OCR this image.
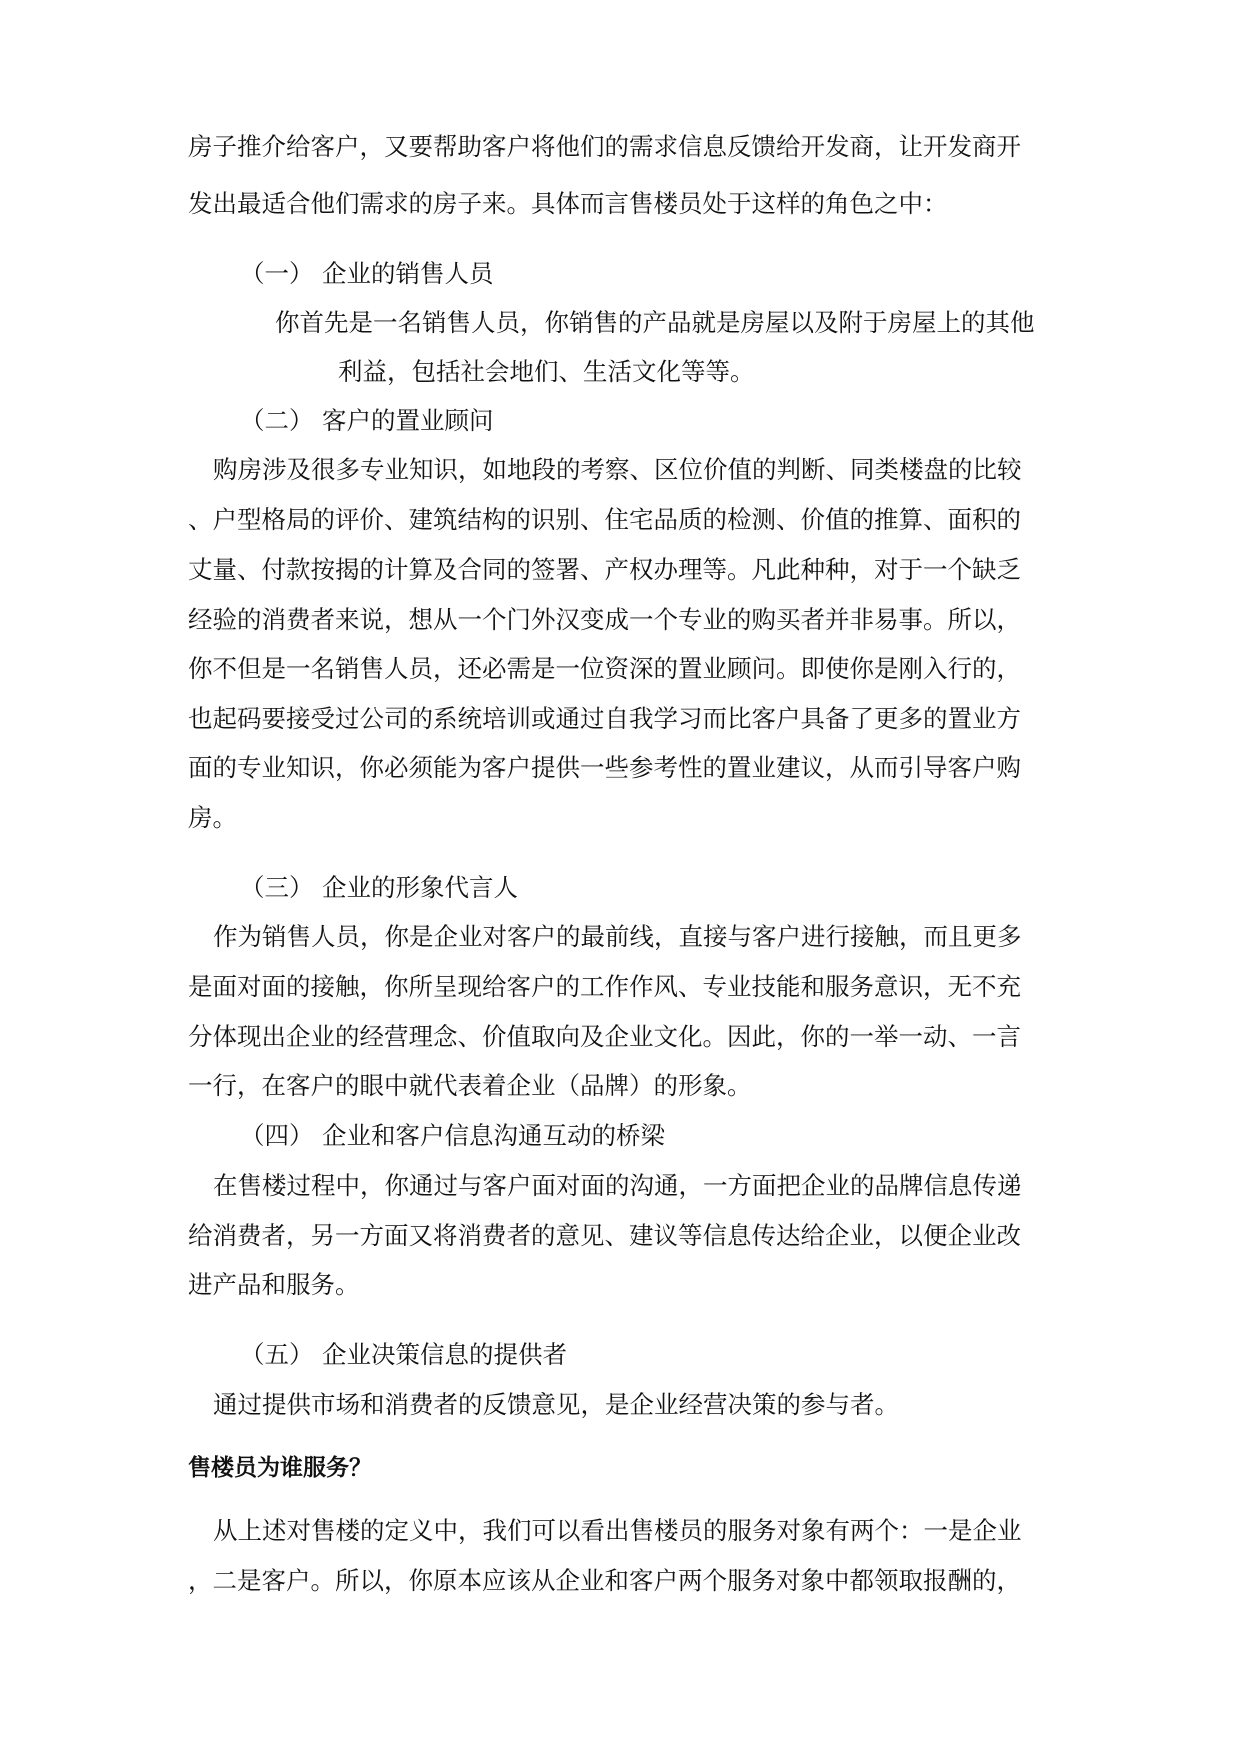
房子推介给客户，又要帮助客户将他们的需求信息反馈给开发商，让开发商开
发出最适合他们需求的房子来。具体而言售楼员处于这样的角色之中：
（一） 企业的销售人员
你首先是一名销售人员，你销售的产品就是房屋以及附于房屋上的其他
利益，包括社会地们、生活文化等等。
（二） 客户的置业顾问
购房涉及很多专业知识，如地段的考察、区位价值的判断、同类楼盘的比较
、户型格局的评价、建筑结构的识别、住宅品质的检测、价值的推算、面积的
丈量、付款按揭的计算及合同的签署、产权办理等。凡此种种，对于一个缺乏
经验的消费者来说，想从一个门外汉变成一个专业的购买者并非易事。所以，
你不但是一名销售人员，还必需是一位资深的置业顾问。即使你是刚入行的，
也起码要接受过公司的系统培训或通过自我学习而比客户具备了更多的置业方
面的专业知识，你必须能为客户提供一些参考性的置业建议，从而引导客户购
房。
（三） 企业的形象代言人
作为销售人员，你是企业对客户的最前线，直接与客户进行接触，而且更多
是面对面的接触，你所呈现给客户的工作作风、专业技能和服务意识，无不充
分体现出企业的经营理念、价值取向及企业文化。因此，你的一举一动、一言
一行，在客户的眼中就代表着企业（品牌）的形象。
（四） 企业和客户信息沟通互动的桥梁
在售楼过程中，你通过与客户面对面的沟通，一方面把企业的品牌信息传递
给消费者，另一方面又将消费者的意见、建议等信息传达给企业，以便企业改
进产品和服务。
（五） 企业决策信息的提供者
通过提供市场和消费者的反馈意见，是企业经营决策的参与者。
售楼员为谁服务？
从上述对售楼的定义中，我们可以看出售楼员的服务对象有两个：一是企业
，二是客户。所以，你原本应该从企业和客户两个服务对象中都领取报酬的，
